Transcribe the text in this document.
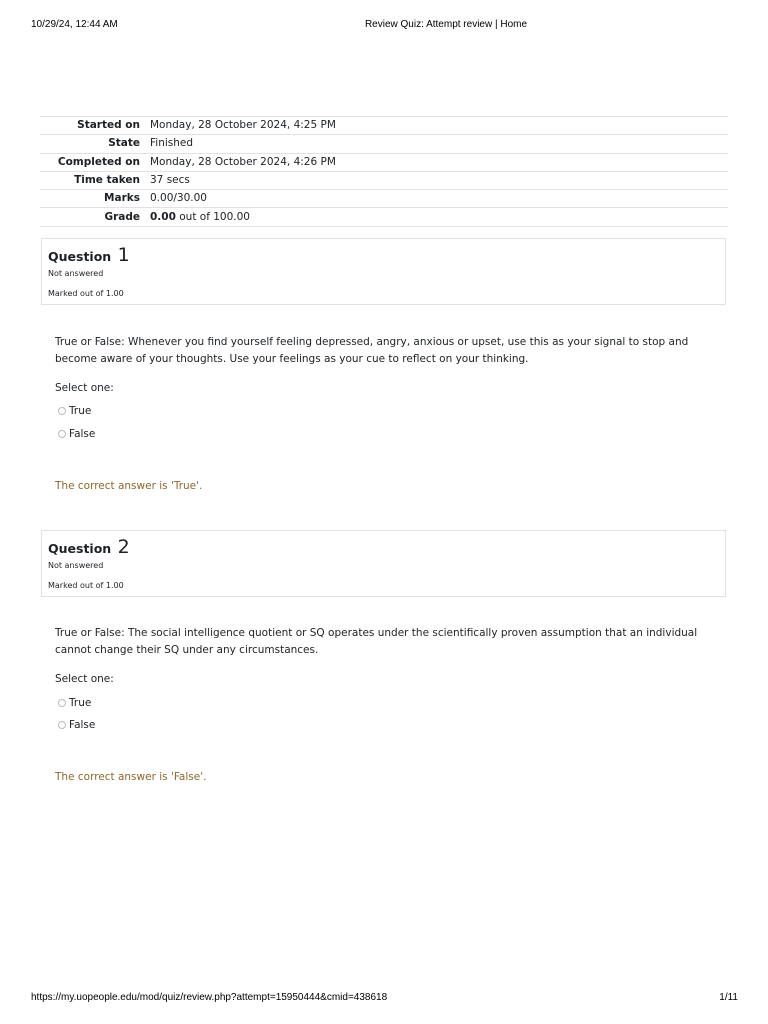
10/29/24, 12:44 AM	Review Quiz: Attempt review | Home
Started on	Monday, 28 October 2024, 4:25 PM
State	Finished
Completed on	Monday, 28 October 2024, 4:26 PM
Time taken	37 secs
Marks	0.00/30.00
Grade	0.00 out of 100.00
Question 1
Not answered
Marked out of 1.00
True or False: Whenever you find yourself feeling depressed, angry, anxious or upset, use this as your signal to stop and become aware of your thoughts. Use your feelings as your cue to reflect on your thinking.
Select one:
True
False
The correct answer is 'True'.
Question 2
Not answered
Marked out of 1.00
True or False: The social intelligence quotient or SQ operates under the scientifically proven assumption that an individual cannot change their SQ under any circumstances.
Select one:
True
False
The correct answer is 'False'.
https://my.uopeople.edu/mod/quiz/review.php?attempt=15950444&cmid=438618	1/11
